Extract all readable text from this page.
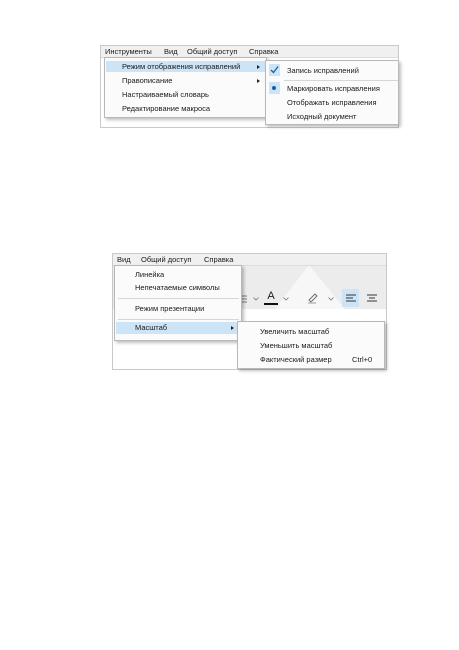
Инструменты Вид Общий доступ Справка
Режим отображения исправлений
Правописание
Настраиваемый словарь
Редактирование макроса
Запись исправлений
Маркировать исправления
Отображать исправления
Исходный документ
Вид Общий доступ Справка
A
Линейка
Непечатаемые символы
Режим презентации
Масштаб	Увеличить масштаб
Уменьшить масштаб
Фактический размер	Ctrl+0
